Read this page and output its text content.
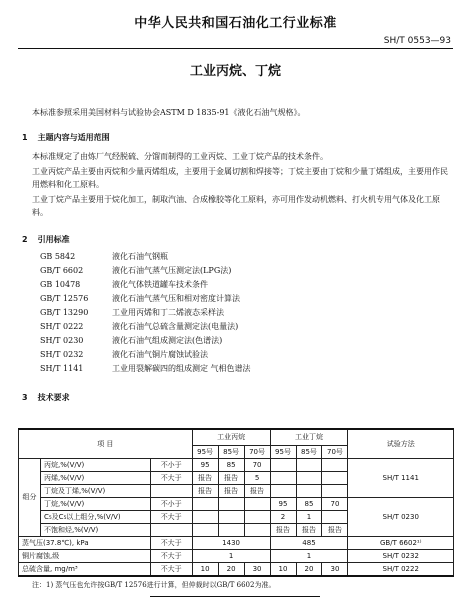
中华人民共和国石油化工行业标准
SH/T 0553—93
工业丙烷、丁烷

本标准参照采用美国材料与试验协会ASTM D 1835-91《液化石油气规格》。

1 主题内容与适用范围

本标准规定了由炼厂气经脱硫、分馏而制得的工业丙烷、工业丁烷产品的技术条件。

工业丙烷产品主要由丙烷和少量丙烯组成，主要用于金属切割和焊接等；丁烷主要由丁烷和少量丁烯组成，主要用作民用燃料和化工原料。

工业丁烷产品主要用于烷化加工，制取汽油、合成橡胶等化工原料，亦可用作发动机燃料、打火机专用气体及化工原料。

2 引用标准
GB 5842	液化石油气钢瓶
GB/T 6602	液化石油气蒸气压测定法(LPG法)
GB 10478	液化气体铁道罐车技术条件
GB/T 12576	液化石油气蒸气压和相对密度计算法
GB/T 13290	工业用丙烯和丁二烯液态采样法
SH/T 0222	液化石油气总硫含量测定法(电量法)
SH/T 0230	液化石油气组成测定法(色谱法)
SH/T 0232	液化石油气铜片腐蚀试验法
SH/T 1141	工业用裂解碳四的组成测定 气相色谱法
3 技术要求
项 目			工业丙烷			工业丁烷			试验方法
			95号	85号	70号	95号	85号	70号	
组分	丙烷,%(V/V)	不小于	95	85	70				SH/T 1141
	丙烯,%(V/V)	不大于	报告	报告	5				
	丁烷及丁烯,%(V/V)		报告	报告	报告				
	丁烷,%(V/V)	不小于				95	85	70	SH/T 0230
	C₅及C₅以上组分,%(V/V)	不大于				2	1		
	不饱和烃,%(V/V)					报告	报告	报告	
蒸气压(37.8℃), kPa		不大于	1430			485			GB/T 6602¹⁾
铜片腐蚀,级		不大于	1			1			SH/T 0232
总硫含量, mg/m³		不大于	10	20	30	10	20	30	SH/T 0222
注：1) 蒸气压也允许按GB/T 12576进行计算，但仲裁时以GB/T 6602为准。
